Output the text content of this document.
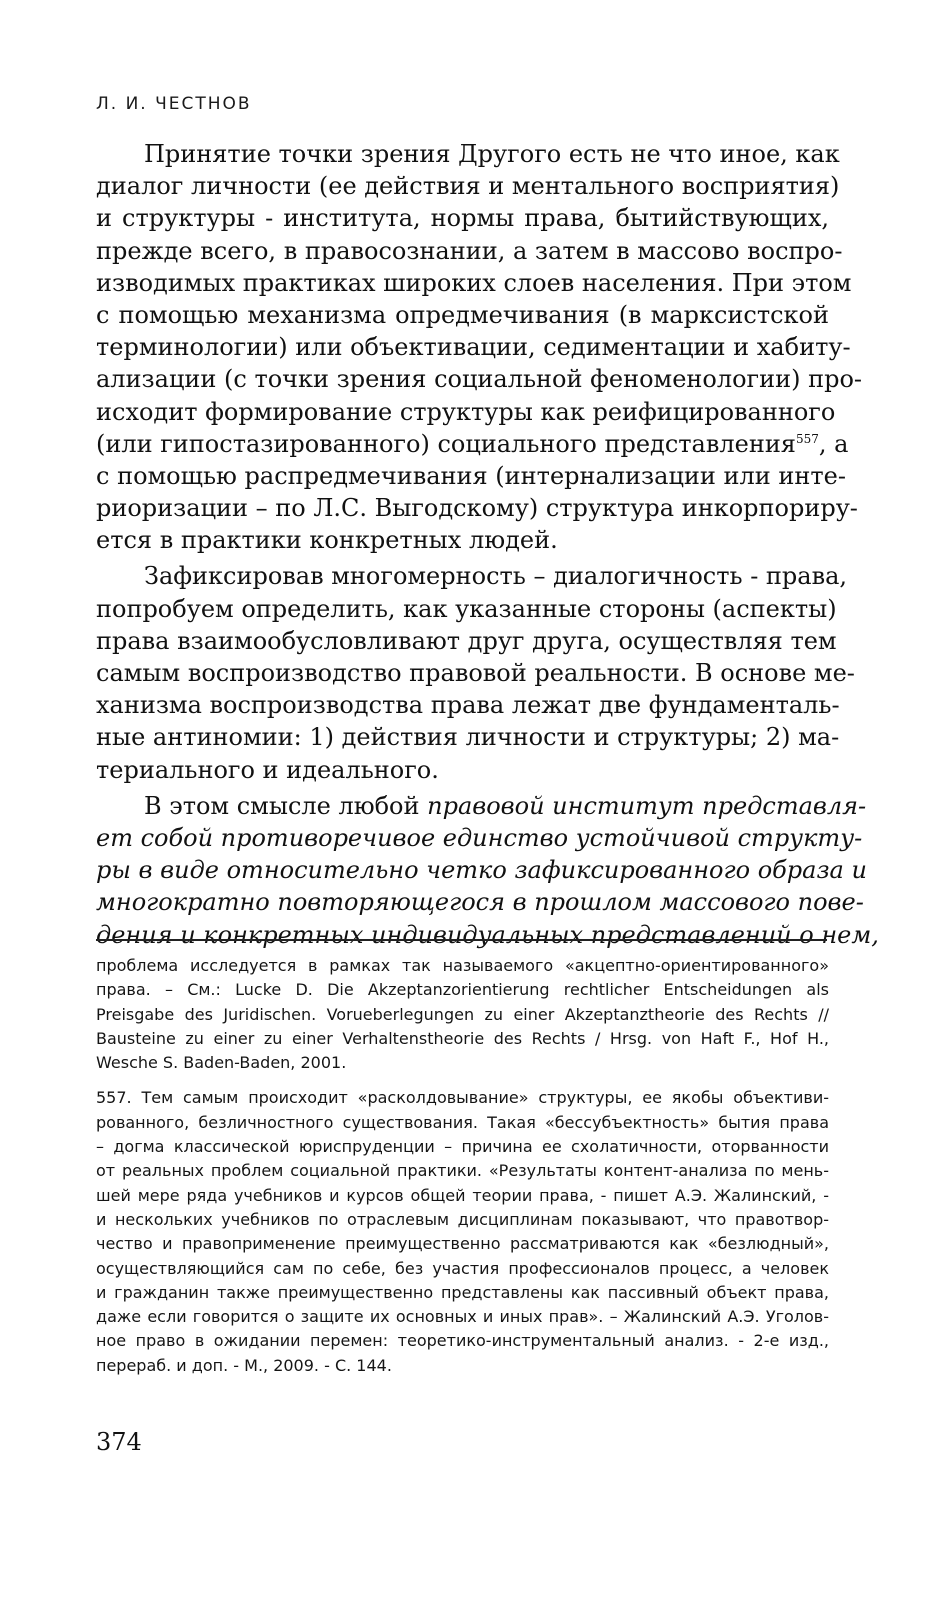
Л. И. ЧЕСТНОВ
Принятие точки зрения Другого есть не что иное, как
диалог личности (ее действия и ментального восприятия)
и структуры - института, нормы права, бытийствующих,
прежде всего, в правосознании, а затем в массово воспро-
изводимых практиках широких слоев населения. При этом
с помощью механизма опредмечивания (в марксистской
терминологии) или объективации, седиментации и хабиту-
ализации (с точки зрения социальной феноменологии) про-
исходит формирование структуры как реифицированного
(или гипостазированного) социального представления$^{557}$, а
с помощью распредмечивания (интернализации или инте-
риоризации – по Л.С. Выгодскому) структура инкорпориру-
ется в практики конкретных людей.
Зафиксировав многомерность – диалогичность - права,
попробуем определить, как указанные стороны (аспекты)
права взаимообусловливают друг друга, осуществляя тем
самым воспроизводство правовой реальности. В основе ме-
ханизма воспроизводства права лежат две фундаменталь-
ные антиномии: 1) действия личности и структуры; 2) ма-
териального и идеального.
В этом смысле любой правовой институт представля-
ет собой противоречивое единство устойчивой структу-
ры в виде относительно четко зафиксированного образа и
многократно повторяющегося в прошлом массового пове-
дения и конкретных индивидуальных представлений о нем,
проблема исследуется в рамках так называемого «акцептно-ориентированного»
права. – См.: Lucke D. Die Akzeptanzorientierung rechtlicher Entscheidungen als
Preisgabe des Juridischen. Vorueberlegungen zu einer Akzeptanztheorie des Rechts //
Bausteine zu einer zu einer Verhaltenstheorie des Rechts / Hrsg. von Haft F., Hof H.,
Wesche S. Baden-Baden, 2001.
557. Тем самым происходит «расколдовывание» структуры, ее якобы объективи-
рованного, безличностного существования. Такая «бессубъектность» бытия права
– догма классической юриспруденции – причина ее схолатичности, оторванности
от реальных проблем социальной практики. «Результаты контент-анализа по мень-
шей мере ряда учебников и курсов общей теории права, - пишет А.Э. Жалинский, -
и нескольких учебников по отраслевым дисциплинам показывают, что правотвор-
чество и правоприменение преимущественно рассматриваются как «безлюдный»,
осуществляющийся сам по себе, без участия профессионалов процесс, а человек
и гражданин также преимущественно представлены как пассивный объект права,
даже если говорится о защите их основных и иных прав». – Жалинский А.Э. Уголов-
ное право в ожидании перемен: теоретико-инструментальный анализ. - 2-е изд.,
перераб. и доп. - М., 2009. - С. 144.
374
